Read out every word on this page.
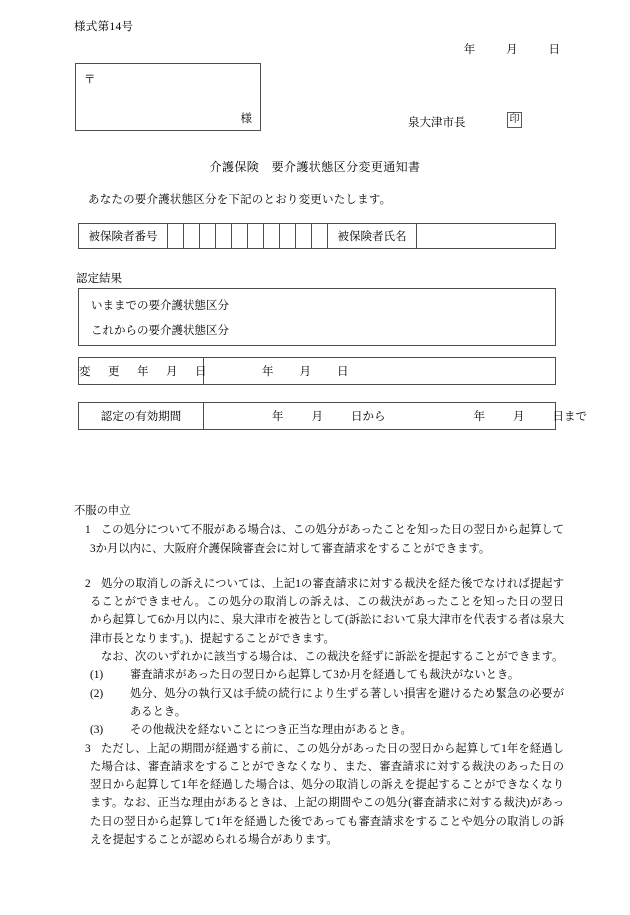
様式第14号
年	月	日
〒
様	泉大津市長	印
介護保険　要介護状態区分変更通知書
あなたの要介護状態区分を下記のとおり変更いたします。
被保険者番号											被保険者氏名	
認定結果
いままでの要介護状態区分
これからの要介護状態区分
変　更　年　月　日	年 月 日
認定の有効期間	年 月 日から	年 月 日まで

不服の申立

1 この処分について不服がある場合は、この処分があったことを知った日の翌日から起算して3か月以内に、大阪府介護保険審査会に対して審査請求をすることができます。

2 処分の取消しの訴えについては、上記1の審査請求に対する裁決を経た後でなければ提起することができません。この処分の取消しの訴えは、この裁決があったことを知った日の翌日から起算して6か月以内に、泉大津市を被告として(訴訟において泉大津市を代表する者は泉大津市長となります。)、提起することができます。

なお、次のいずれかに該当する場合は、この裁決を経ずに訴訟を提起することができます。

(1) 審査請求があった日の翌日から起算して3か月を経過しても裁決がないとき。

(2) 処分、処分の執行又は手続の続行により生ずる著しい損害を避けるため緊急の必要があるとき。

(3) その他裁決を経ないことにつき正当な理由があるとき。

3 ただし、上記の期間が経過する前に、この処分があった日の翌日から起算して1年を経過した場合は、審査請求をすることができなくなり、また、審査請求に対する裁決のあった日の翌日から起算して1年を経過した場合は、処分の取消しの訴えを提起することができなくなります。なお、正当な理由があるときは、上記の期間やこの処分(審査請求に対する裁決)があった日の翌日から起算して1年を経過した後であっても審査請求をすることや処分の取消しの訴えを提起することが認められる場合があります。
